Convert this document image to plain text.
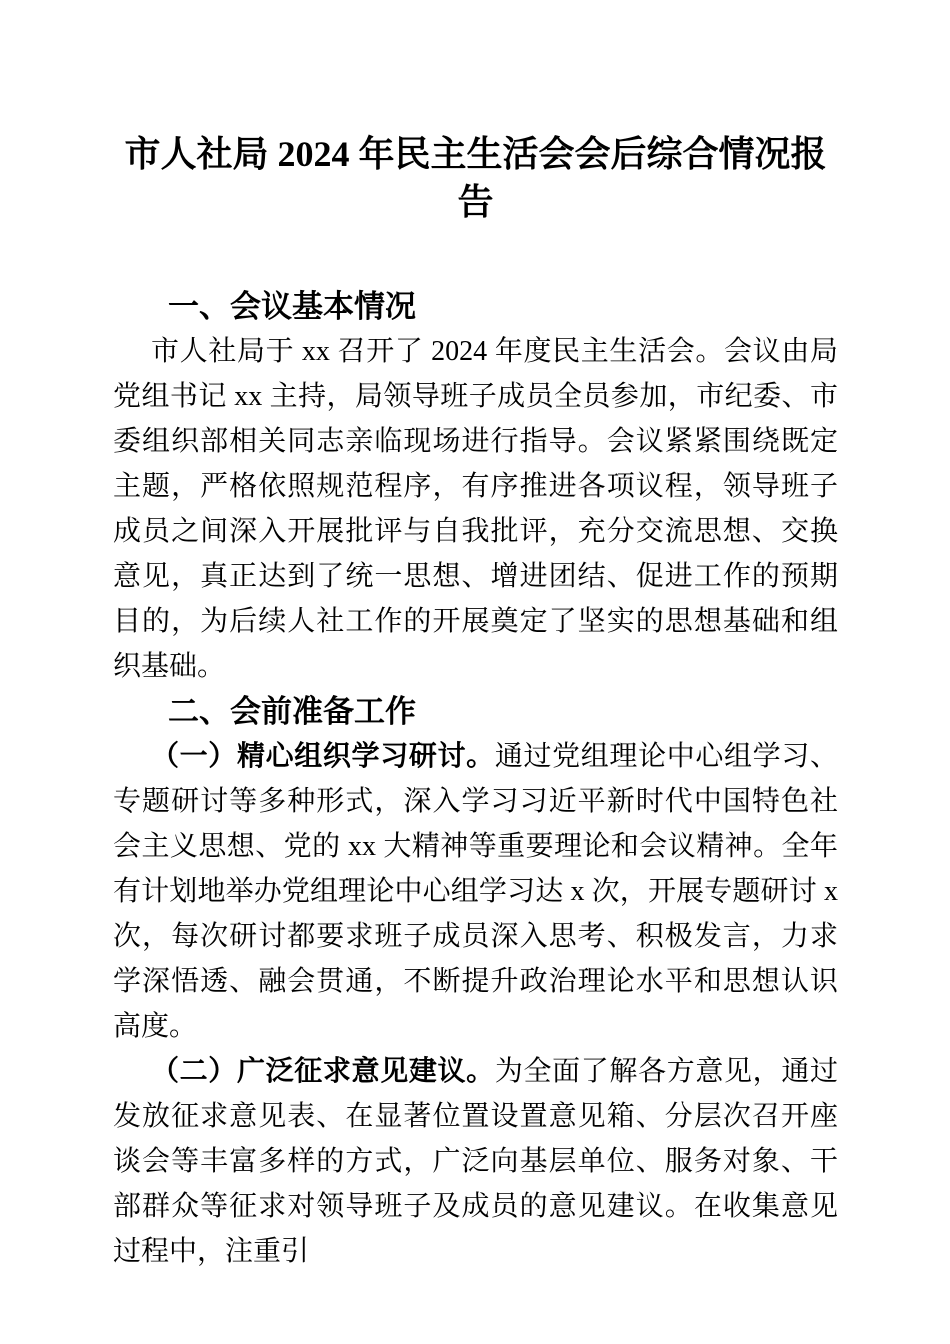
市人社局 2024 年民主生活会会后综合情况报告
一、会议基本情况

市人社局于 xx 召开了 2024 年度民主生活会。会议由局党组书记 xx 主持，局领导班子成员全员参加，市纪委、市委组织部相关同志亲临现场进行指导。会议紧紧围绕既定主题，严格依照规范程序，有序推进各项议程，领导班子成员之间深入开展批评与自我批评，充分交流思想、交换意见，真正达到了统一思想、增进团结、促进工作的预期目的，为后续人社工作的开展奠定了坚实的思想基础和组织基础。

二、会前准备工作

（一）精心组织学习研讨。通过党组理论中心组学习、专题研讨等多种形式，深入学习习近平新时代中国特色社会主义思想、党的 xx 大精神等重要理论和会议精神。全年有计划地举办党组理论中心组学习达 x 次，开展专题研讨 x 次，每次研讨都要求班子成员深入思考、积极发言，力求学深悟透、融会贯通，不断提升政治理论水平和思想认识高度。

（二）广泛征求意见建议。为全面了解各方意见，通过发放征求意见表、在显著位置设置意见箱、分层次召开座谈会等丰富多样的方式，广泛向基层单位、服务对象、干部群众等征求对领导班子及成员的意见建议。在收集意见过程中，注重引
